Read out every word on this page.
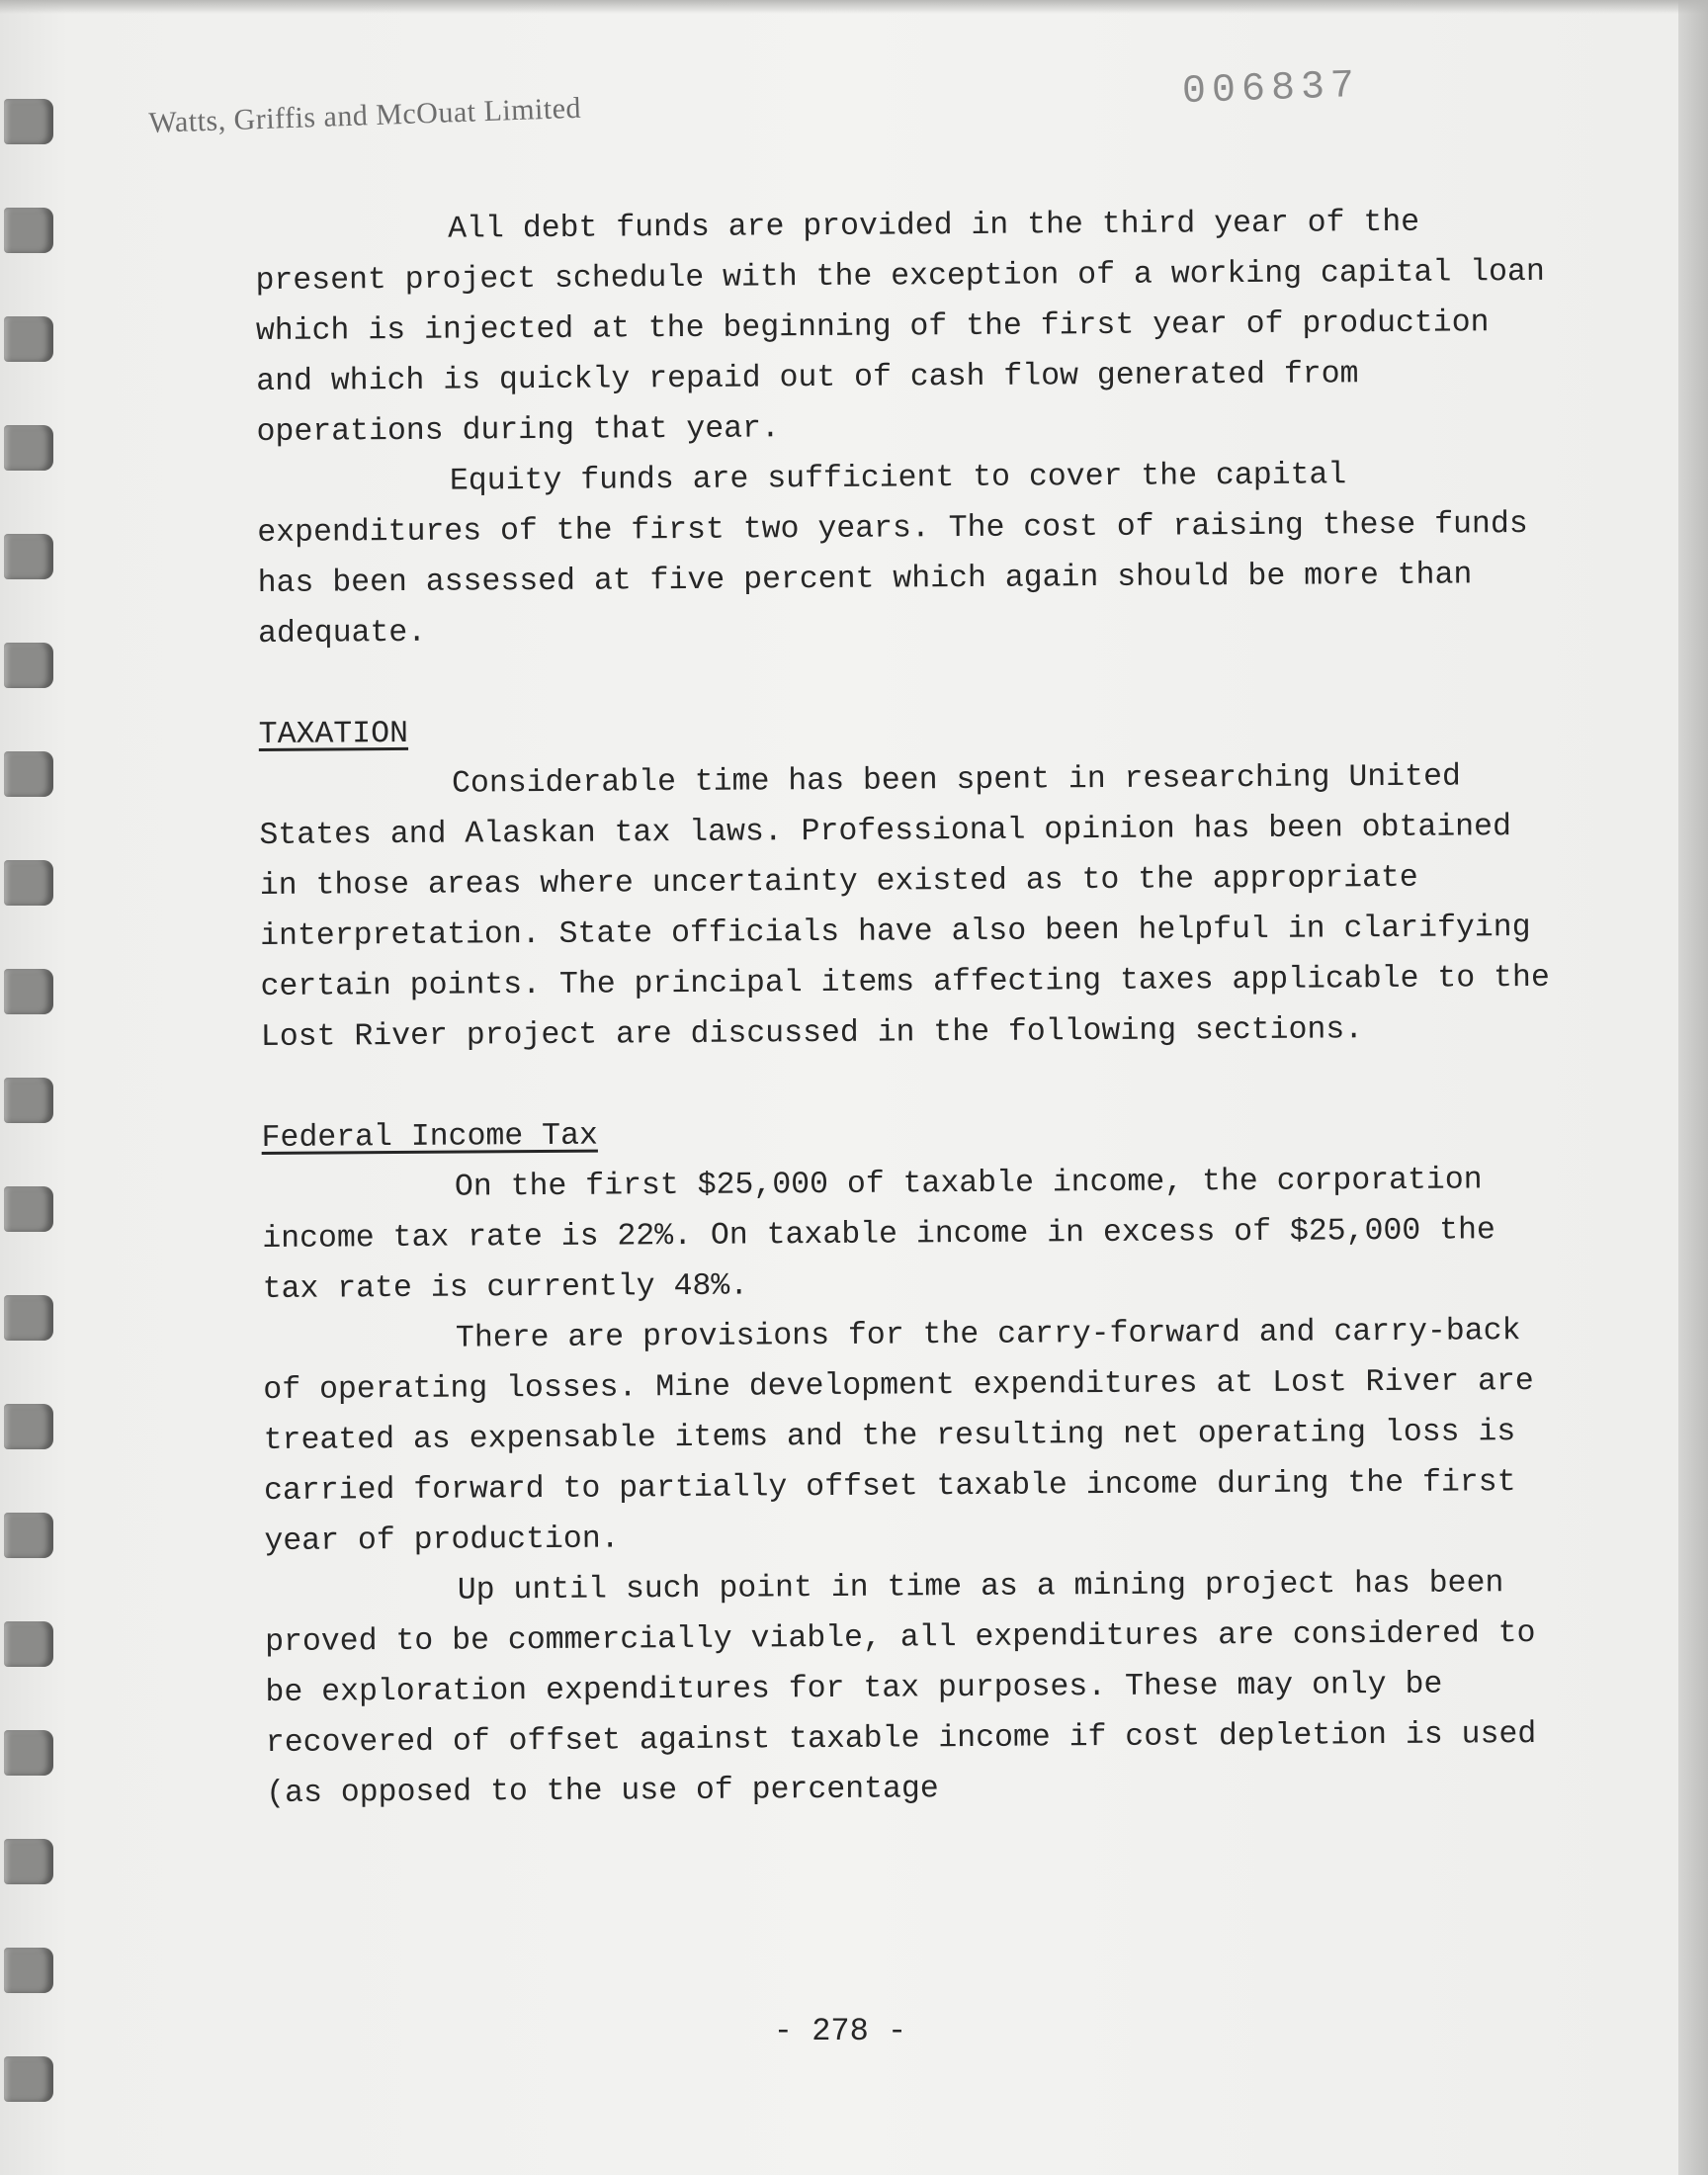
Watts, Griffis and McOuat Limited
006837

All debt funds are provided in the third year of the present project schedule with the exception of a working capital loan which is injected at the beginning of the first year of production and which is quickly repaid out of cash flow generated from operations during that year.

Equity funds are sufficient to cover the capital expenditures of the first two years. The cost of raising these funds has been assessed at five percent which again should be more than adequate.

TAXATION

Considerable time has been spent in researching United States and Alaskan tax laws. Professional opinion has been obtained in those areas where uncertainty existed as to the appropriate interpretation. State officials have also been helpful in clarifying certain points. The principal items affecting taxes applicable to the Lost River project are discussed in the following sections.

Federal Income Tax

On the first $25,000 of taxable income, the corporation income tax rate is 22%. On taxable income in excess of $25,000 the tax rate is currently 48%.

There are provisions for the carry-forward and carry-back of operating losses. Mine development expenditures at Lost River are treated as expensable items and the resulting net operating loss is carried forward to partially offset taxable income during the first year of production.

Up until such point in time as a mining project has been proved to be commercially viable, all expenditures are considered to be exploration expenditures for tax purposes. These may only be recovered of offset against taxable income if cost depletion is used (as opposed to the use of percentage

- 278 -
